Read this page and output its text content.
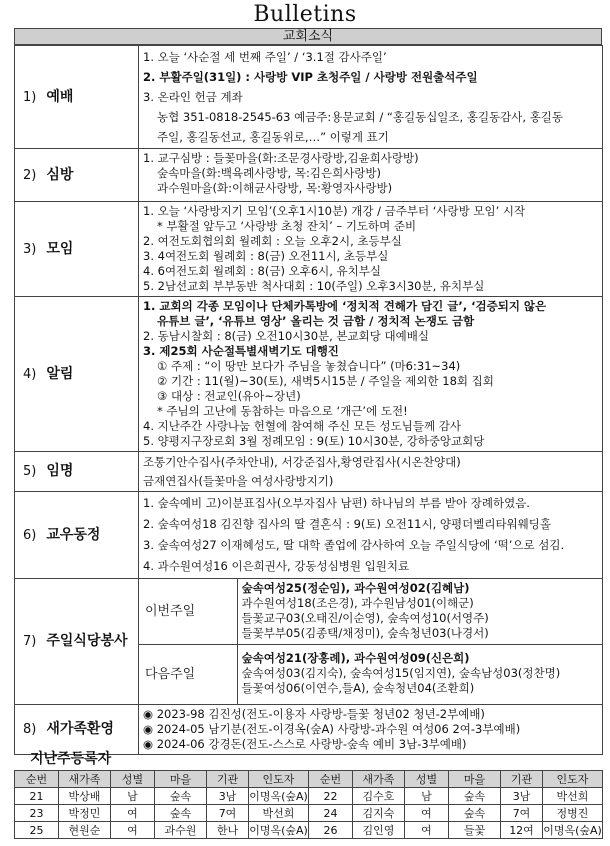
Bulletins
교회소식
1) 예배	
1. 오늘 ‘사순절 세 번째 주일’ / ‘3.1절 감사주일’
2. 부활주일(31일) : 사랑방 VIP 초청주일 / 사랑방 전원출석주일
3. 온라인 헌금 계좌
농협 351-0818-2545-63 예금주:용문교회 / “홍길동십일조, 홍길동감사, 홍길동
주일, 홍길동선교, 홍길동위로,…” 이렇게 표기

2) 심방	
1. 교구심방 : 들꽃마을(화:조문경사랑방,김윤희사랑방)
숲속마을(화:백육례사랑방, 목:김은희사랑방)
과수원마을(화:이해균사랑방, 목:황영자사랑방)

3) 모임	
1. 오늘 ‘사랑방지기 모임’(오후1시10분) 개강 / 금주부터 ‘사랑방 모임’ 시작
* 부활절 앞두고 ‘사랑방 초청 잔치’ – 기도하며 준비
2. 여전도회협의회 월례회 : 오늘 오후2시, 초등부실
3. 4여전도회 월례회 : 8(금) 오전11시, 초등부실
4. 6여전도회 월례회 : 8(금) 오후6시, 유치부실
5. 2남선교회 부부동반 척사대회 : 10(주일) 오후3시30분, 유치부실

4) 알림	
1. 교회의 각종 모임이나 단체카톡방에 ‘정치적 견해가 담긴 글’, ‘검증되지 않은
유튜브 글’, ‘유튜브 영상’ 올리는 것 금함 / 정치적 논쟁도 금함
2. 동남시찰회 : 8(금) 오전10시30분, 본교회당 대예배실
3. 제25회 사순절특별새벽기도 대행진
① 주제 : “이 땅만 보다가 주님을 놓쳤습니다” (마6:31~34)
② 기간 : 11(월)~30(토), 새벽5시15분 / 주일을 제외한 18회 집회
③ 대상 : 전교인(유아~장년)
* 주님의 고난에 동참하는 마음으로 ‘개근’에 도전!
4. 지난주간 사랑나눔 헌혈에 참여해 주신 모든 성도님들께 감사
5. 양평지구장로회 3월 정례모임 : 9(토) 10시30분, 강하중앙교회당

5) 임명	
조통기안수집사(주차안내), 서강준집사,황영란집사(시온찬양대)
금재연집사(들꽃마을 여성사랑방지기)

6) 교우동정	
1. 숲속예비 고)이분표집사(오부자집사 남편) 하나님의 부름 받아 장례하였음.
2. 숲속여성18 김진향 집사의 딸 결혼식 : 9(토) 오전11시, 양평더벨리타워웨딩홀
3. 숲속여성27 이재혜성도, 딸 대학 졸업에 감사하여 오늘 주일식당에 ‘떡’으로 섬김.
4. 과수원여성16 이은희권사, 강동성심병원 입원치료

7) 주일식당봉사	
이번주일	
숲속여성25(정순임), 과수원여성02(김혜남)
과수원여성18(조은경), 과수원남성01(이해군)
들꽃교구03(오태진/이순영), 숲속여성10(서영주)
들꽃부부05(김종택/채정미), 숲속청년03(나경서)

다음주일	
숲속여성21(장홍례), 과수원여성09(신은희)
숲속여성03(김지숙), 숲속여성15(임지연), 숲속남성03(정찬명)
들꽃여성06(이연수,들A), 숲속청년04(조환희)

8) 새가족환영	
◉ 2023-98 김진성(전도-이용자 사랑방-들꽃 청년02 청년-2부예배)
◉ 2024-05 남기분(전도-이경옥(숲A) 사랑방-과수원 여성06 2여-3부예배)
◉ 2024-06 강경돈(전도-스스로 사랑방-숲속 예비 3남-3부예배)
지난주등록자
순번	새가족	성별	마을	기관	인도자	순번	새가족	성별	마을	기관	인도자
21	박상배	남	숲속	3남	이명옥(숲A)	22	김수호	남	숲속	3남	박선희
23	박정민	여	숲속	7여	박선희	24	김지숙	여	숲속	7여	정병진
25	현원순	여	과수원	한나	이명옥(숲A)	26	김인영	여	들꽃	12여	이명옥(숲A)
